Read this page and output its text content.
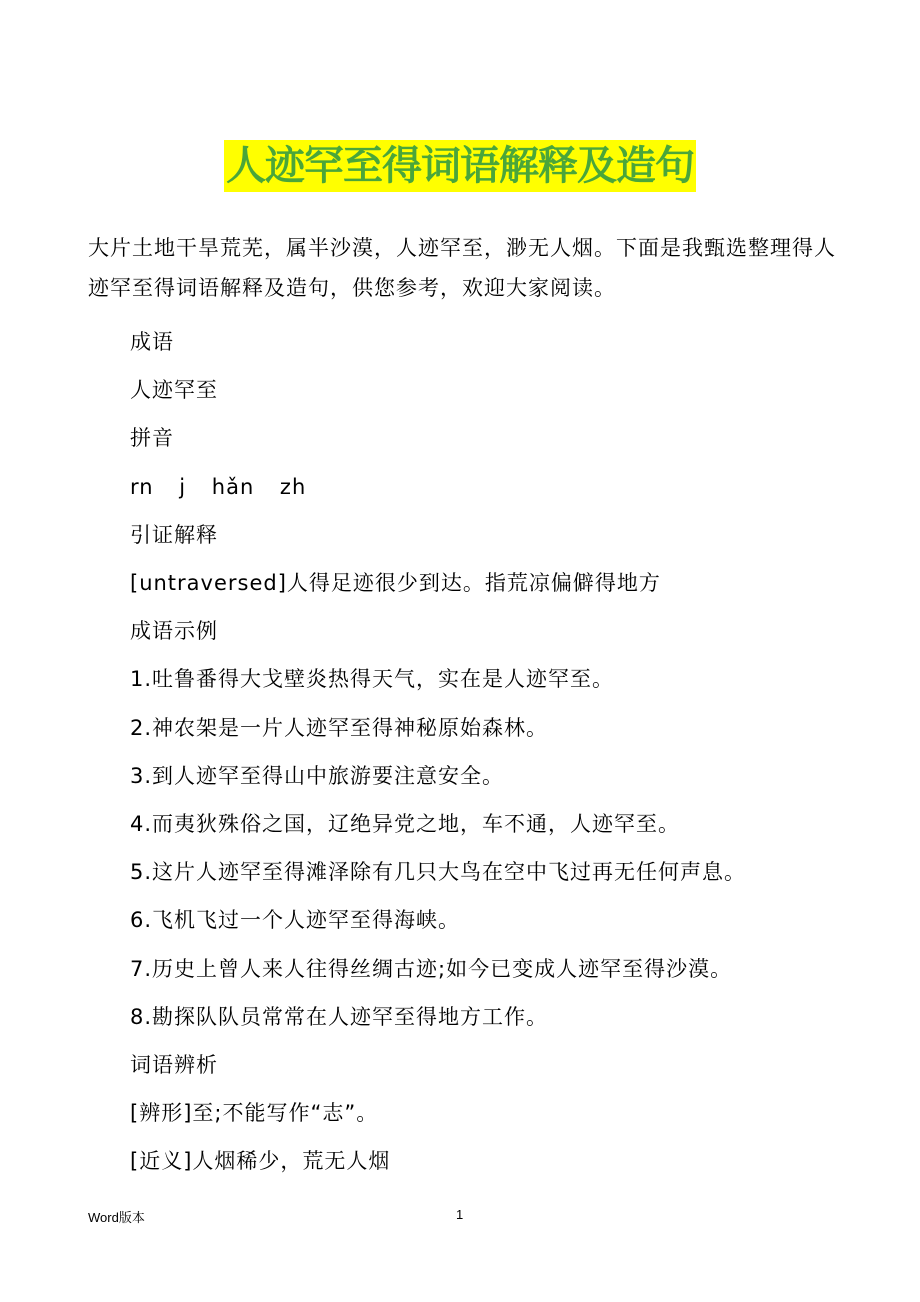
人迹罕至得词语解释及造句

大片土地干旱荒芜，属半沙漠，人迹罕至，渺无人烟。下面是我甄选整理得人迹罕至得词语解释及造句，供您参考，欢迎大家阅读。

成语

人迹罕至

拼音

rn j hǎn zh

引证解释

[untraversed]人得足迹很少到达。指荒凉偏僻得地方

成语示例

1.吐鲁番得大戈壁炎热得天气，实在是人迹罕至。

2.神农架是一片人迹罕至得神秘原始森林。

3.到人迹罕至得山中旅游要注意安全。

4.而夷狄殊俗之国，辽绝异党之地，车不通，人迹罕至。

5.这片人迹罕至得滩泽除有几只大鸟在空中飞过再无任何声息。

6.飞机飞过一个人迹罕至得海峡。

7.历史上曾人来人往得丝绸古迹;如今已变成人迹罕至得沙漠。

8.勘探队队员常常在人迹罕至得地方工作。

词语辨析

[辨形]至;不能写作“志”。

[近义]人烟稀少，荒无人烟

Word版本	1
